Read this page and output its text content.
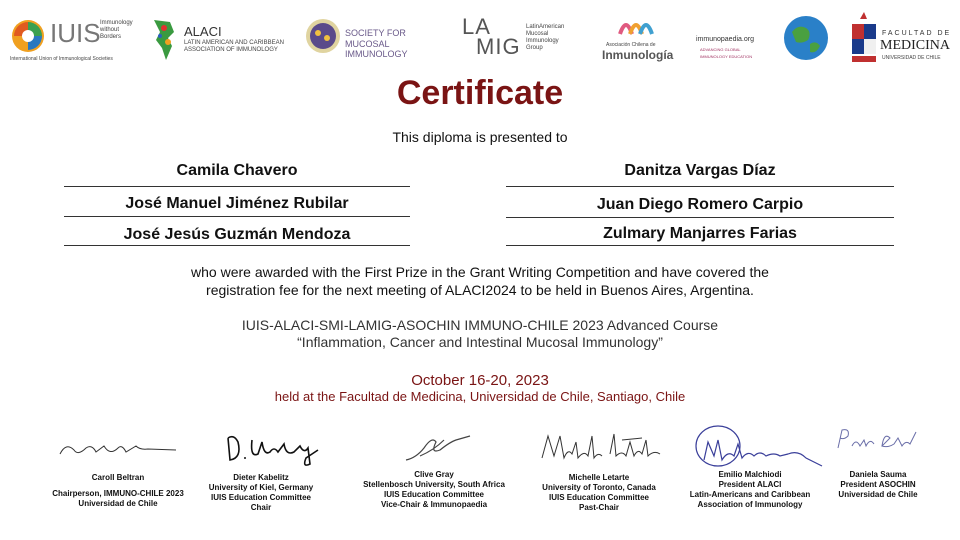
IUIS Immunology without Borders
International Union of Immunological Societies
ALACI
LATIN AMERICAN AND CARIBBEAN
ASSOCIATION OF IMMUNOLOGY
SOCIETY FOR
MUCOSAL IMMUNOLOGY
LA
MIG
LatinAmerican Mucosal Immunology Group	Asociación Chilena de
Inmunología
immunopaedia.org
ADVANCING GLOBAL IMMUNOLOGY EDUCATION
FACULTAD DE
MEDICINA
UNIVERSIDAD DE CHILE
Certificate
This diploma is presented to
Camila Chavero
José Manuel Jiménez Rubilar
José Jesús Guzmán Mendoza
Danitza Vargas Díaz
Juan Diego Romero Carpio
Zulmary Manjarres Farias
who were awarded with the First Prize in the Grant Writing Competition and have covered the
registration fee for the next meeting of ALACI2024 to be held in Buenos Aires, Argentina.
IUIS-ALACI-SMI-LAMIG-ASOCHIN IMMUNO-CHILE 2023 Advanced Course
“Inflammation, Cancer and Intestinal Mucosal Immunology”
October 16-20, 2023
held at the Facultad de Medicina, Universidad de Chile, Santiago, Chile
Caroll Beltran
Chairperson, IMMUNO-CHILE 2023
Universidad de Chile
Dieter Kabelitz
University of Kiel, Germany
IUIS Education Committee
Chair
Clive Gray
Stellenbosch University, South Africa
IUIS Education Committee
Vice-Chair & Immunopaedia
Michelle Letarte
University of Toronto, Canada
IUIS Education Committee
Past-Chair
Emilio Malchiodi
President ALACI
Latin-Americans and Caribbean
Association of Immunology
Daniela Sauma
President ASOCHIN
Universidad de Chile
